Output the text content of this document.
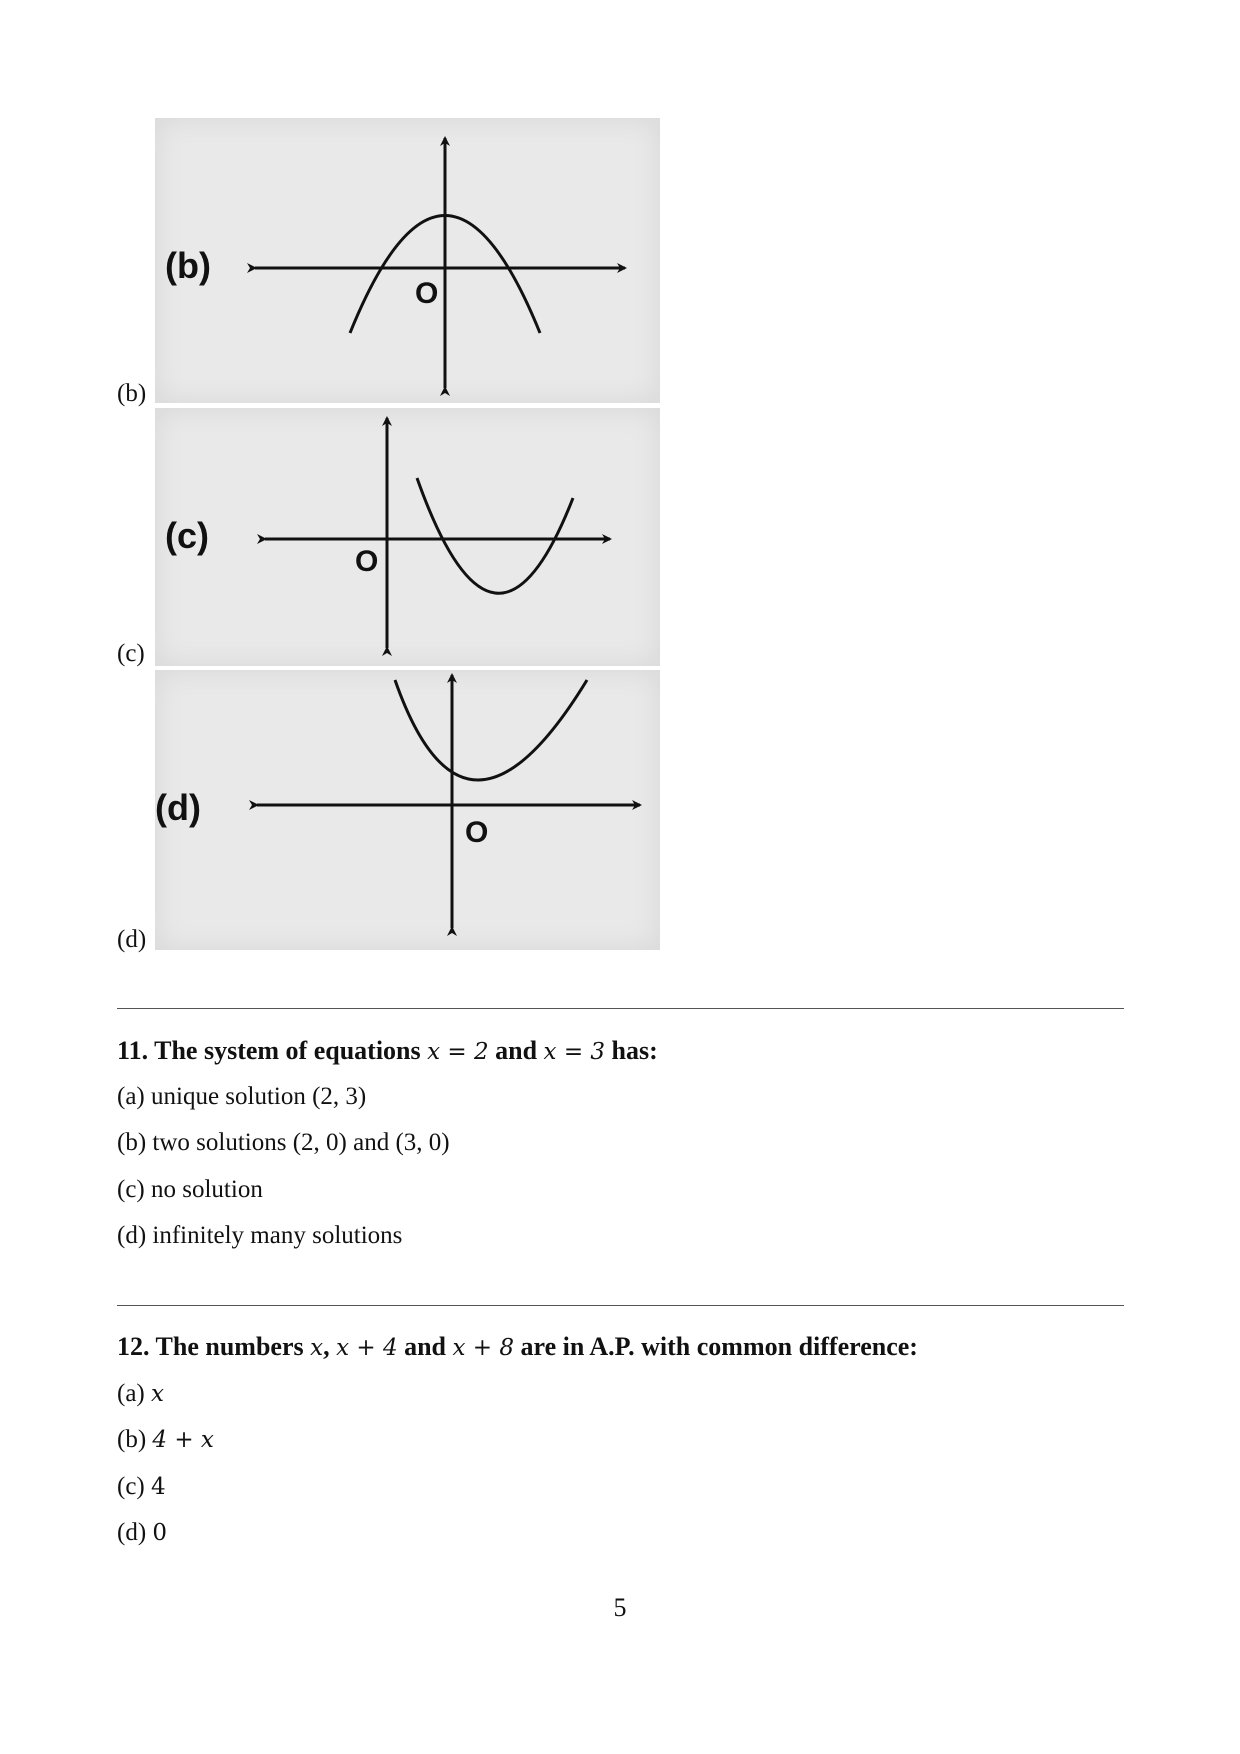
(b)
O
(b)
(c)
O
(c)
(d)
O
(d)
11. The system of equations x = 2 and x = 3 has:
(a) unique solution (2, 3)
(b) two solutions (2, 0) and (3, 0)
(c) no solution
(d) infinitely many solutions
12. The numbers x, x + 4 and x + 8 are in A.P. with common difference:
(a) x
(b) 4 + x
(c) 4
(d) 0
5
